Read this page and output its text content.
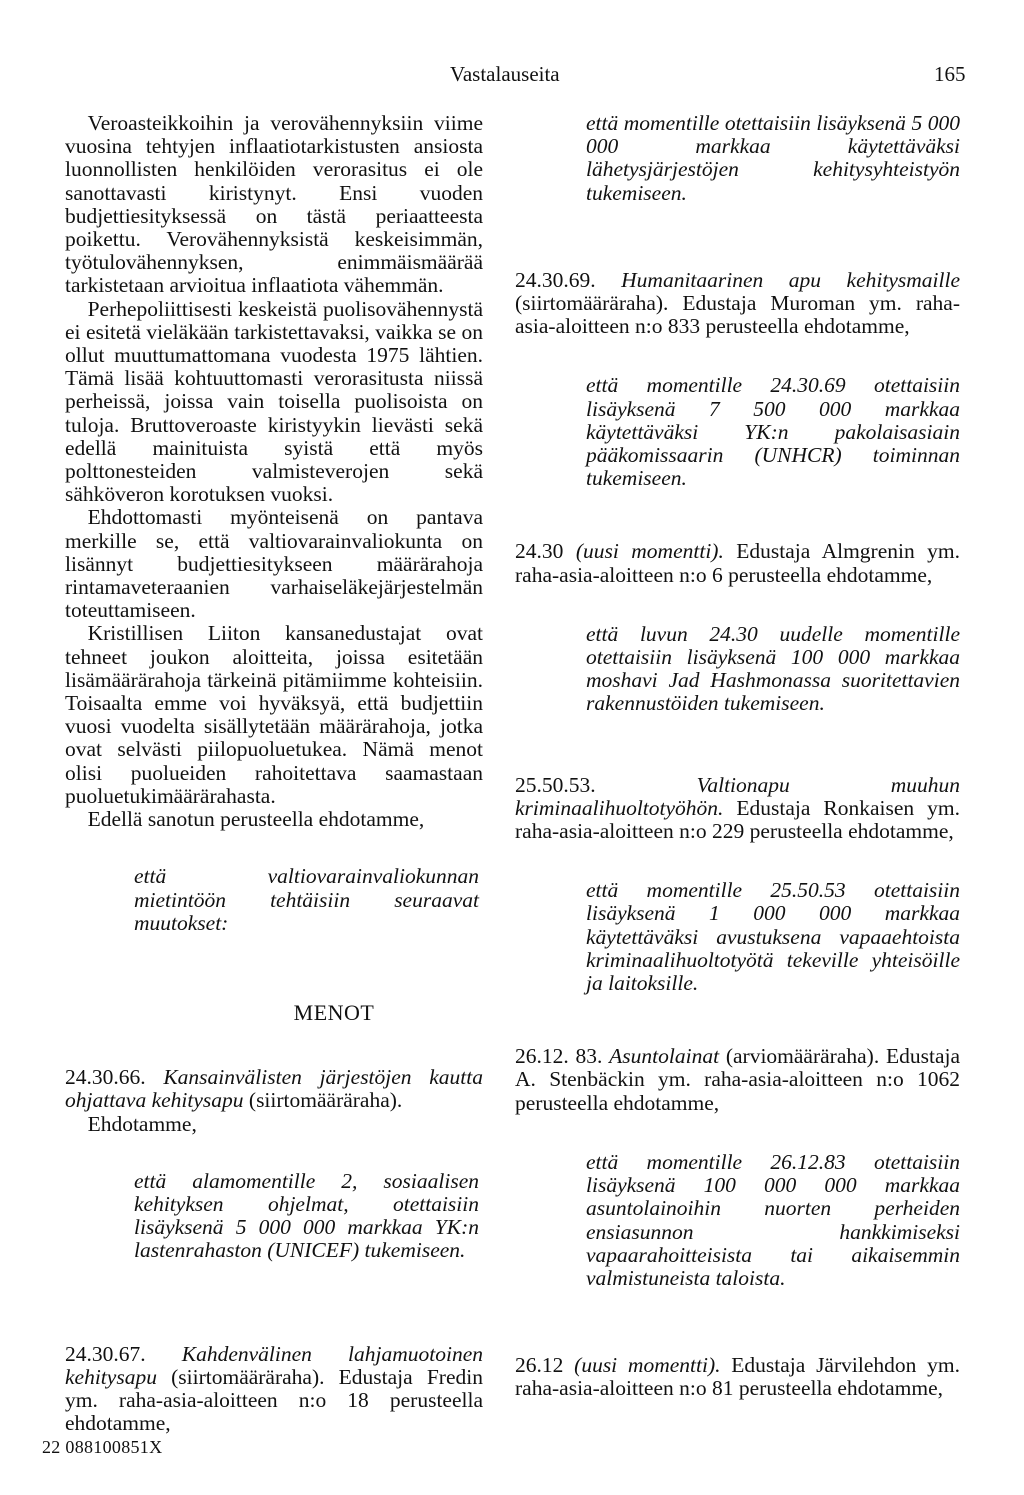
Vastalauseita	165

Veroasteikkoihin ja verovähennyksiin viime vuosina tehtyjen inflaatiotarkistusten ansiosta luonnollisten henkilöiden verorasitus ei ole sanottavasti kiristynyt. Ensi vuoden budjettiesityksessä on tästä periaatteesta poikettu. Verovähennyksistä keskeisimmän, työtulovähennyksen, enimmäismäärää tarkistetaan arvioitua inflaatiota vähemmän.

Perhepoliittisesti keskeistä puolisovähennystä ei esitetä vieläkään tarkistettavaksi, vaikka se on ollut muuttumattomana vuodesta 1975 lähtien. Tämä lisää kohtuuttomasti verorasitusta niissä perheissä, joissa vain toisella puolisoista on tuloja. Bruttoveroaste kiristyykin lievästi sekä edellä mainituista syistä että myös polttonesteiden valmisteverojen sekä sähköveron korotuksen vuoksi.

Ehdottomasti myönteisenä on pantava merkille se, että valtiovarainvaliokunta on lisännyt budjettiesitykseen määrärahoja rintamaveteraanien varhaiseläkejärjestelmän toteuttamiseen.

Kristillisen Liiton kansanedustajat ovat tehneet joukon aloitteita, joissa esitetään lisämäärärahoja tärkeinä pitämiimme kohteisiin. Toisaalta emme voi hyväksyä, että budjettiin vuosi vuodelta sisällytetään määrärahoja, jotka ovat selvästi piilopuoluetukea. Nämä menot olisi puolueiden rahoitettava saamastaan puoluetukimäärärahasta.

Edellä sanotun perusteella ehdotamme,

että valtiovarainvaliokunnan mietintöön tehtäisiin seuraavat muutokset:

MENOT

24.30.66. Kansainvälisten järjestöjen kautta ohjattava kehitysapu (siirtomääräraha).

Ehdotamme,

että alamomentille 2, sosiaalisen kehityksen ohjelmat, otettaisiin lisäyksenä 5 000 000 markkaa YK:n lastenrahaston (UNICEF) tukemiseen.

24.30.67. Kahdenvälinen lahjamuotoinen kehitysapu (siirtomääräraha). Edustaja Fredin ym. raha-asia-aloitteen n:o 18 perusteella ehdotamme,

että momentille otettaisiin lisäyksenä 5 000 000 markkaa käytettäväksi lähetysjärjestöjen kehitysyhteistyön tukemiseen.

24.30.69. Humanitaarinen apu kehitysmaille (siirtomääräraha). Edustaja Muroman ym. raha-asia-aloitteen n:o 833 perusteella ehdotamme,

että momentille 24.30.69 otettaisiin lisäyksenä 7 500 000 markkaa käytettäväksi YK:n pakolaisasiain pääkomissaarin (UNHCR) toiminnan tukemiseen.

24.30 (uusi momentti). Edustaja Almgrenin ym. raha-asia-aloitteen n:o 6 perusteella ehdotamme,

että luvun 24.30 uudelle momentille otettaisiin lisäyksenä 100 000 markkaa moshavi Jad Hashmonassa suoritettavien rakennustöiden tukemiseen.

25.50.53.	Valtionapu muuhun kriminaalihuoltotyöhön. Edustaja Ronkaisen ym. raha-asia-aloitteen n:o 229 perusteella ehdotamme,

että momentille 25.50.53 otettaisiin lisäyksenä 1 000 000 markkaa käytettäväksi avustuksena vapaaehtoista kriminaalihuoltotyötä tekeville yhteisöille ja laitoksille.

26.12. 83. Asuntolainat (arviomääräraha). Edustaja A. Stenbäckin ym. raha-asia-aloitteen n:o 1062 perusteella ehdotamme,

että momentille 26.12.83 otettaisiin lisäyksenä 100 000 000 markkaa asuntolainoihin nuorten perheiden ensiasunnon hankkimiseksi vapaarahoitteisista tai aikaisemmin valmistuneista taloista.

26.12 (uusi momentti). Edustaja Järvilehdon ym. raha-asia-aloitteen n:o 81 perusteella ehdotamme,

22 088100851X
